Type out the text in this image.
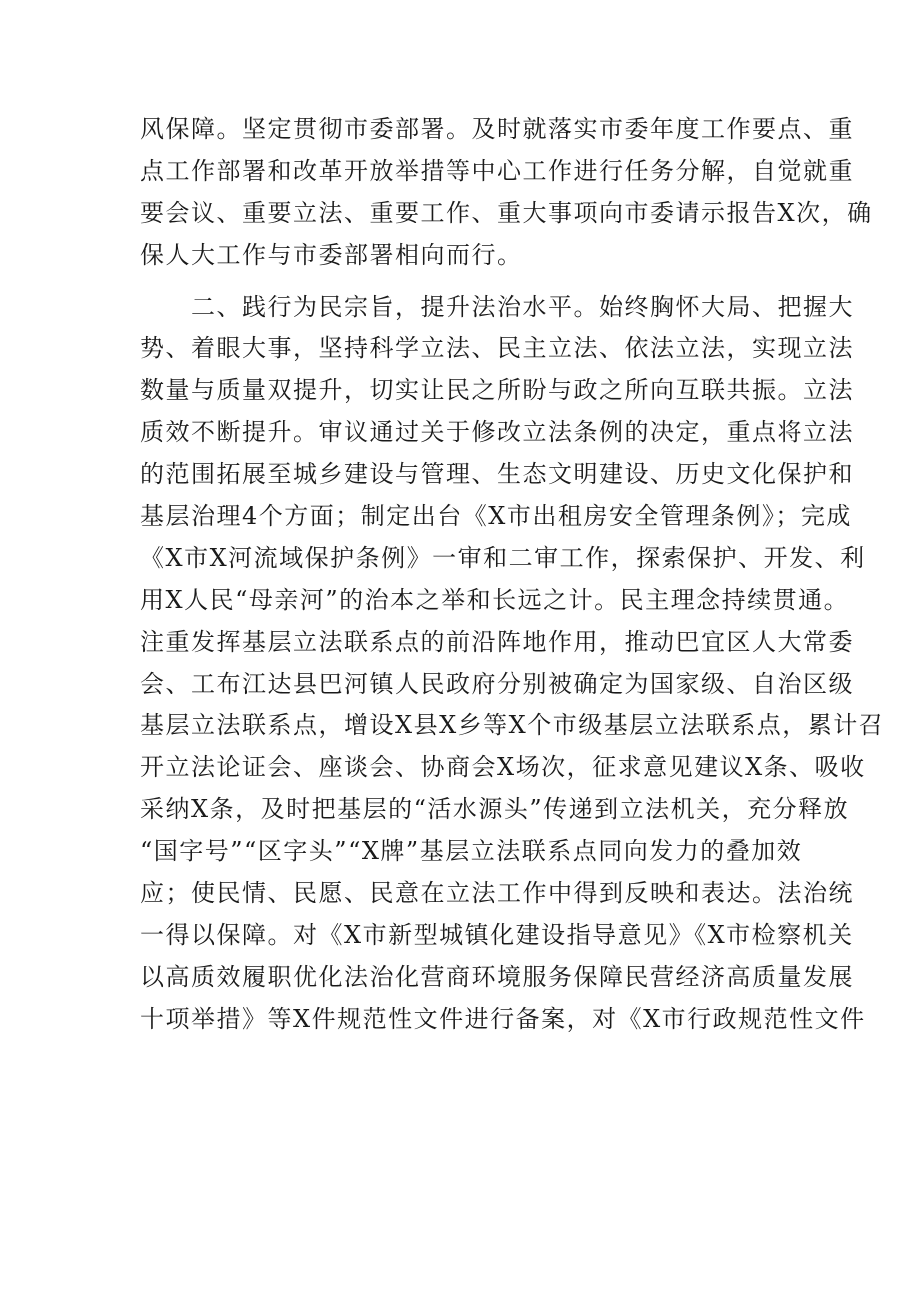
风保障。坚定贯彻市委部署。及时就落实市委年度工作要点、重
点工作部署和改革开放举措等中心工作进行任务分解，自觉就重
要会议、重要立法、重要工作、重大事项向市委请示报告X次，确
保人大工作与市委部署相向而行。
　　二、践行为民宗旨，提升法治水平。始终胸怀大局、把握大
势、着眼大事，坚持科学立法、民主立法、依法立法，实现立法
数量与质量双提升，切实让民之所盼与政之所向互联共振。立法
质效不断提升。审议通过关于修改立法条例的决定，重点将立法
的范围拓展至城乡建设与管理、生态文明建设、历史文化保护和
基层治理4个方面；制定出台《X市出租房安全管理条例》；完成
《X市X河流域保护条例》一审和二审工作，探索保护、开发、利
用X人民“母亲河”的治本之举和长远之计。民主理念持续贯通。
注重发挥基层立法联系点的前沿阵地作用，推动巴宜区人大常委
会、工布江达县巴河镇人民政府分别被确定为国家级、自治区级
基层立法联系点，增设X县X乡等X个市级基层立法联系点，累计召
开立法论证会、座谈会、协商会X场次，征求意见建议X条、吸收
采纳X条，及时把基层的“活水源头”传递到立法机关，充分释放
“国字号”“区字头”“X牌”基层立法联系点同向发力的叠加效
应；使民情、民愿、民意在立法工作中得到反映和表达。法治统
一得以保障。对《X市新型城镇化建设指导意见》《X市检察机关
以高质效履职优化法治化营商环境服务保障民营经济高质量发展
十项举措》等X件规范性文件进行备案，对《X市行政规范性文件
